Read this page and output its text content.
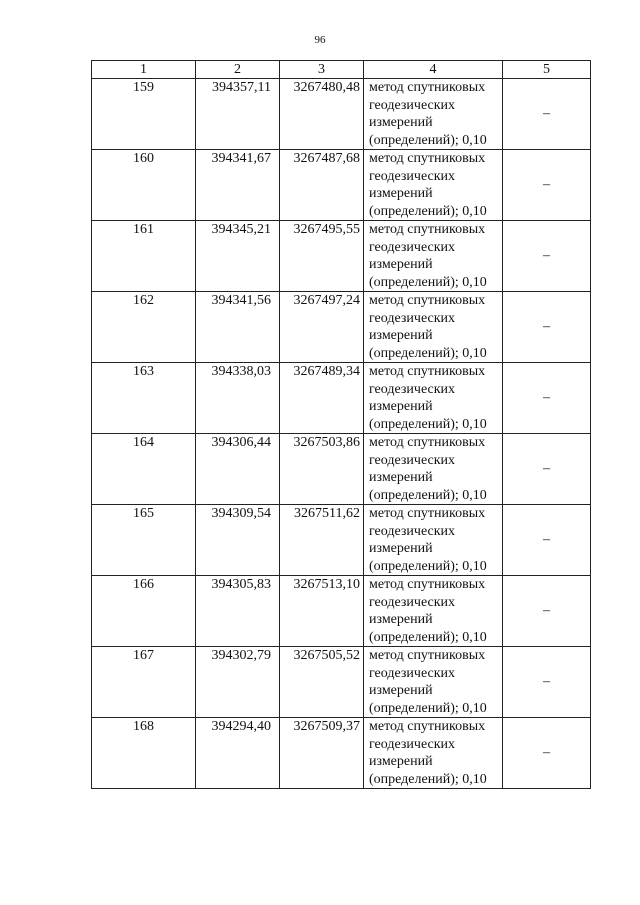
96
1	2	3	4	5
159	394357,11	3267480,48	метод спутниковых
геодезических
измерений
(определений); 0,10	–
160	394341,67	3267487,68	метод спутниковых
геодезических
измерений
(определений); 0,10	–
161	394345,21	3267495,55	метод спутниковых
геодезических
измерений
(определений); 0,10	–
162	394341,56	3267497,24	метод спутниковых
геодезических
измерений
(определений); 0,10	–
163	394338,03	3267489,34	метод спутниковых
геодезических
измерений
(определений); 0,10	–
164	394306,44	3267503,86	метод спутниковых
геодезических
измерений
(определений); 0,10	–
165	394309,54	3267511,62	метод спутниковых
геодезических
измерений
(определений); 0,10	–
166	394305,83	3267513,10	метод спутниковых
геодезических
измерений
(определений); 0,10	–
167	394302,79	3267505,52	метод спутниковых
геодезических
измерений
(определений); 0,10	–
168	394294,40	3267509,37	метод спутниковых
геодезических
измерений
(определений); 0,10	–
